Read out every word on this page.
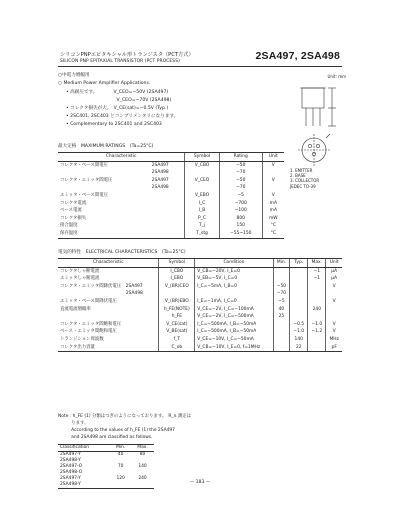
シリコンPNPエピタキシャル形トランジスタ（PCT方式）
SILICON PNP EPITAXIAL TRANSISTOR (PCT PROCESS)	2SA497, 2SA498
○中電力増幅用
○ Medium Power Amplifier Applications.
• 高耐圧です。　　　　V_CEO=−50V (2SA497)
　　　　　　　　　　　V_CEO=−70V (2SA498)
• コレクタ損失が大。　V_CE(sat)=−0.5V (Typ.)
• 2SC401, 2SC403 とコンプリメンタリになります。
• Complementary to 2SC401 and 2SC403
Unit: mm
1. EMITTER
2. BASE
3. COLLECTOR
JEDEC TO-39
最大定格　MAXIMUM RATINGS　(Ta=25°C)
Characteristic		Symbol	Rating	Unit
コレクタ・ベース間電圧	2SA497	V_CBO	−50	V
	2SA498		−70	
コレクタ・エミッタ間電圧	2SA497	V_CEO	−50	V
	2SA498		−70	
エミッタ・ベース間電圧		V_EBO	−5	V
コレクタ電流		I_C	−700	mA
ベース電流		I_B	−100	mA
コレクタ損失		P_C	800	mW
接合温度		T_j	150	°C
保存温度		T_stg	−55~150	°C
電気的特性　ELECTRICAL CHARACTERISTICS　(Ta=25°C)
Characteristic	Symbol	Condition	Min.	Typ.	Max.	Unit
コレクタしゃ断電流	I_CBO	V_CB=−20V, I_E=0			−1	μA
エミッタしゃ断電流	I_EBO	V_EB=−5V, I_C=0			−1	μA
コレクタ・エミッタ間降伏電圧　2SA497	V_(BR)CEO	I_C=−5mA, I_B=0	−50			V
　　　　　　　　　　　　　　　2SA498			−70			
エミッタ・ベース間降伏電圧	V_(BR)EBO	I_E=−1mA, I_C=0	−5			V
直流電流増幅率	h_FE(NOTE)	V_CE=−2V, I_C=−100mA	40		240	
	h_FE	V_CE=−2V, I_C=−500mA	25			
コレクタ・エミッタ間飽和電圧	V_CE(sat)	I_C=−500mA, I_B=−50mA		−0.5	−1.0	V
ベース・エミッタ間飽和電圧	V_BE(sat)	I_C=−500mA, I_B=−50mA		−1.0	−1.2	V
トランジション周波数	f_T	V_CE=−10V, I_C=−50mA		140		MHz
コレクタ出力容量	C_ob	V_CB=−10V, I_E=0, f=1MHz		22		pF
Note : h_FE (1) 分類はつぎのようになっております。　R_n 測定は
　　　ります。
　　　According to the values of h_FE (1) the 2SA497
　　　and 2SA498 are classified as follows.
Classification	Min.	Max.
2SA497-Y	40	80
2SA498-Y		
2SA497-O	70	140
2SA498-O		
2SA497-Y	120	240
2SA498-Y			— 183 —
